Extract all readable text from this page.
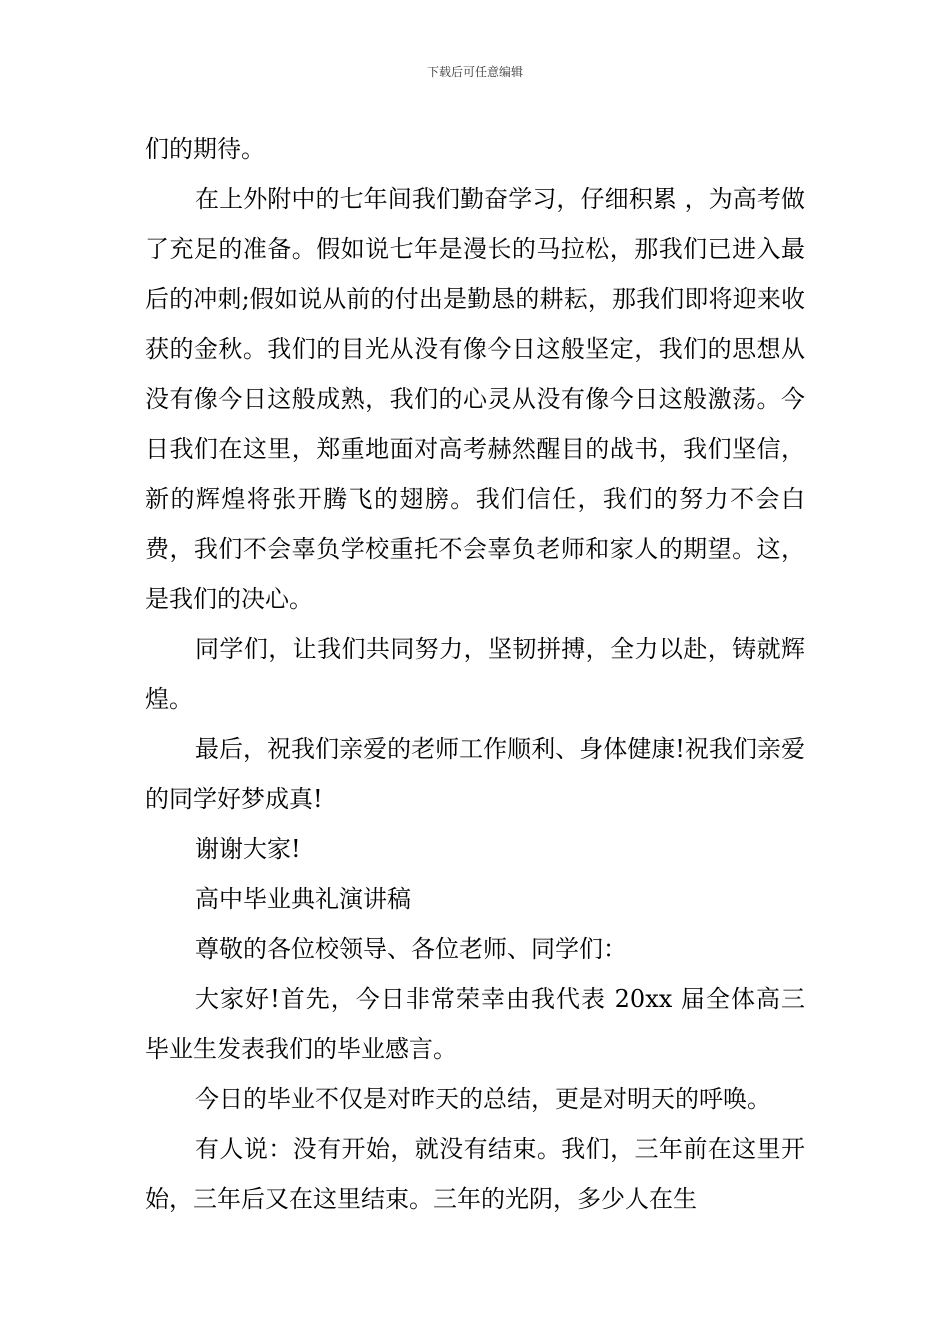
下载后可任意编辑

们的期待。

在上外附中的七年间我们勤奋学习，仔细积累 ，为高考做了充足的准备。假如说七年是漫长的马拉松，那我们已进入最后的冲刺;假如说从前的付出是勤恳的耕耘，那我们即将迎来收获的金秋。我们的目光从没有像今日这般坚定，我们的思想从没有像今日这般成熟，我们的心灵从没有像今日这般激荡。今日我们在这里，郑重地面对高考赫然醒目的战书，我们坚信，新的辉煌将张开腾飞的翅膀。我们信任，我们的努力不会白费，我们不会辜负学校重托不会辜负老师和家人的期望。这，是我们的决心。

同学们，让我们共同努力，坚韧拼搏，全力以赴，铸就辉煌。

最后，祝我们亲爱的老师工作顺利、身体健康!祝我们亲爱的同学好梦成真!

谢谢大家!

高中毕业典礼演讲稿

尊敬的各位校领导、各位老师、同学们：

大家好!首先，今日非常荣幸由我代表 20xx 届全体高三毕业生发表我们的毕业感言。

今日的毕业不仅是对昨天的总结，更是对明天的呼唤。

有人说：没有开始，就没有结束。我们，三年前在这里开始，三年后又在这里结束。三年的光阴，多少人在生
